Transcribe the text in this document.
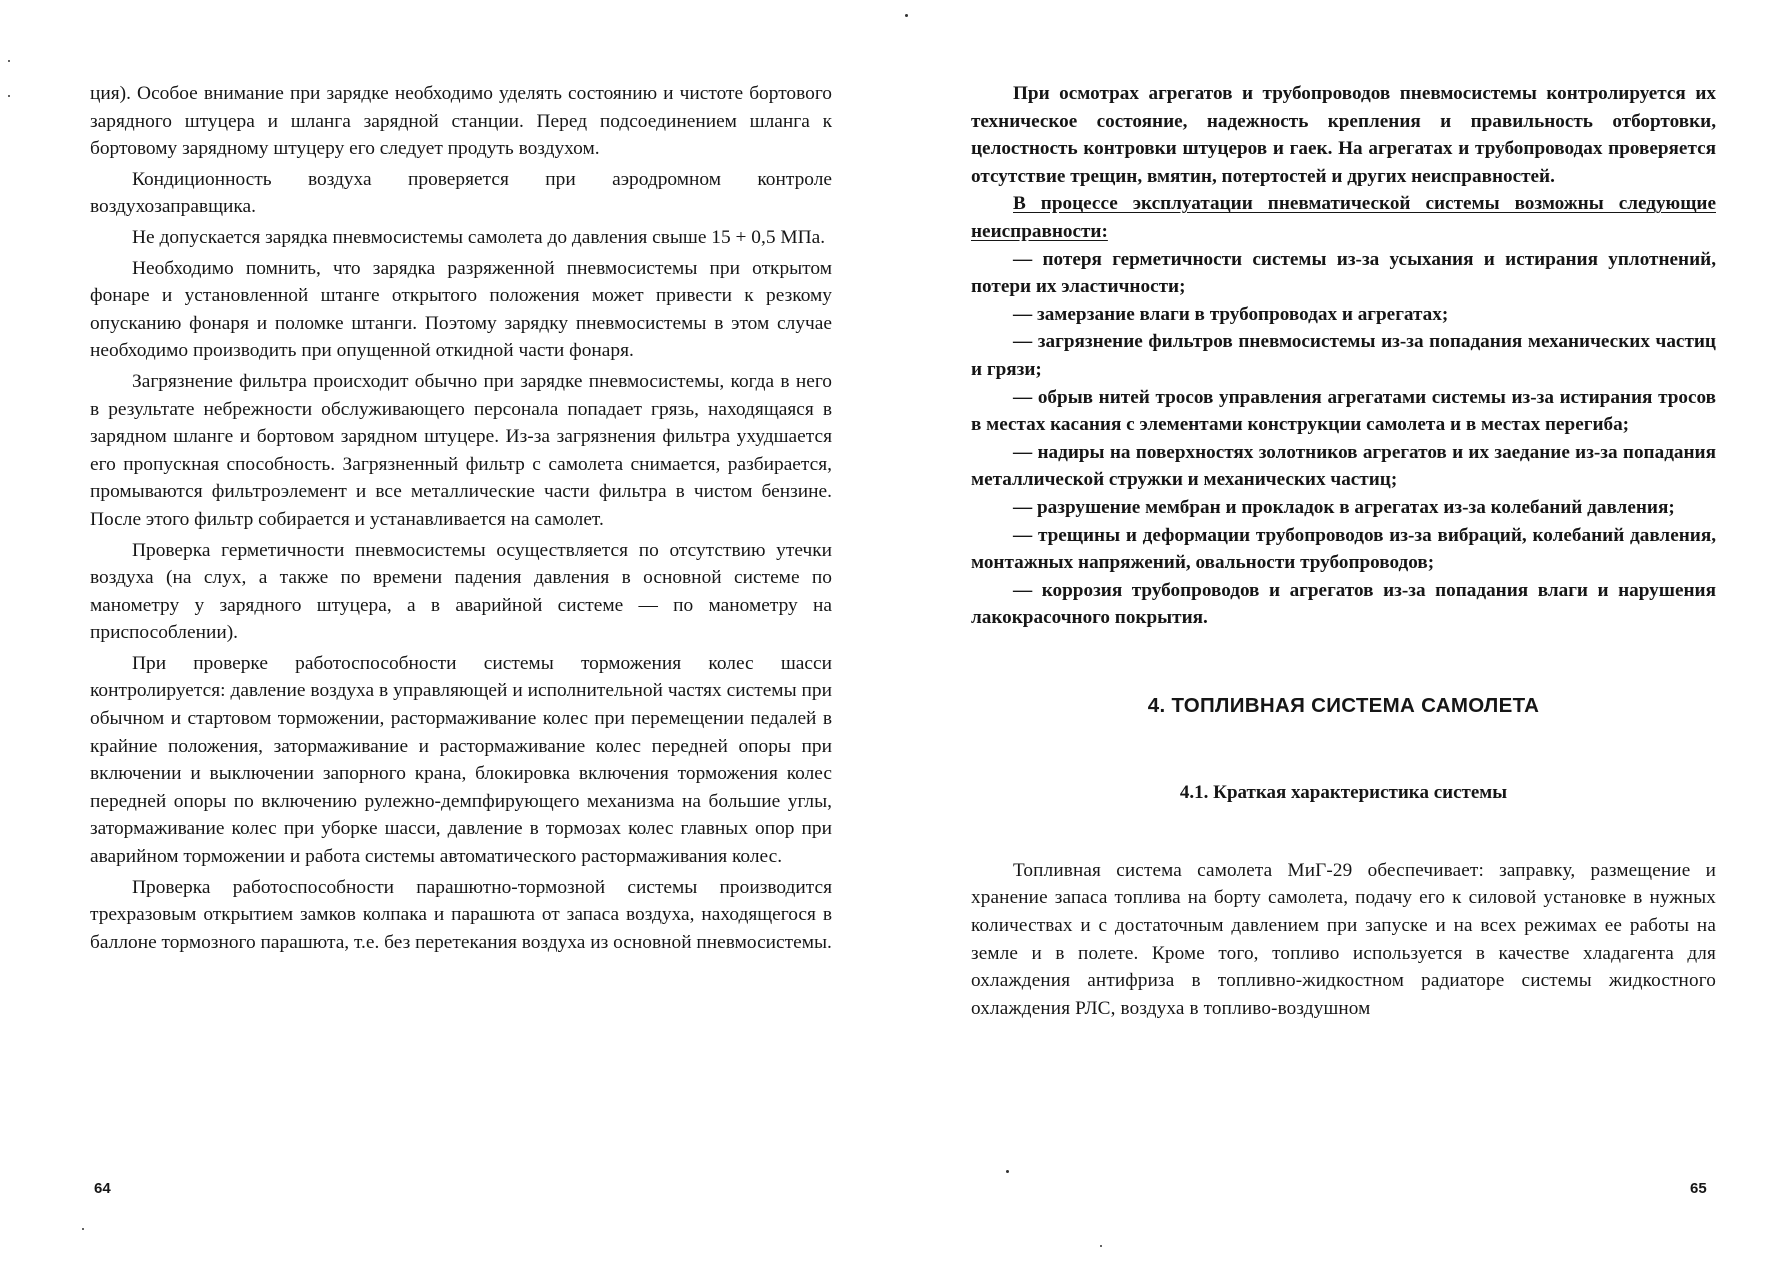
ция). Особое внимание при зарядке необходимо уделять состоянию и чистоте бортового зарядного штуцера и шланга зарядной станции. Перед подсоединением шланга к бортовому зарядному штуцеру его следует продуть воздухом.

Кондиционность воздуха проверяется при аэродромном контроле воздухозаправщика.

Не допускается зарядка пневмосистемы самолета до давления свыше 15 + 0,5 МПа.

Необходимо помнить, что зарядка разряженной пневмосистемы при открытом фонаре и установленной штанге открытого положения может привести к резкому опусканию фонаря и поломке штанги. Поэтому зарядку пневмосистемы в этом случае необходимо производить при опущенной откидной части фонаря.

Загрязнение фильтра происходит обычно при зарядке пневмосистемы, когда в него в результате небрежности обслуживающего персонала попадает грязь, находящаяся в зарядном шланге и бортовом зарядном штуцере. Из-за загрязнения фильтра ухудшается его пропускная способность. Загрязненный фильтр с самолета снимается, разбирается, промываются фильтроэлемент и все металлические части фильтра в чистом бензине. После этого фильтр собирается и устанавливается на самолет.

Проверка герметичности пневмосистемы осуществляется по отсутствию утечки воздуха (на слух, а также по времени падения давления в основной системе по манометру у зарядного штуцера, а в аварийной системе — по манометру на приспособлении).

При проверке работоспособности системы торможения колес шасси контролируется: давление воздуха в управляющей и исполнительной частях системы при обычном и стартовом торможении, растормаживание колес при перемещении педалей в крайние положения, затормаживание и растормаживание колес передней опоры при включении и выключении запорного крана, блокировка включения торможения колес передней опоры по включению рулежно-демпфирующего механизма на большие углы, затормаживание колес при уборке шасси, давление в тормозах колес главных опор при аварийном торможении и работа системы автоматического растормаживания колес.

Проверка работоспособности парашютно-тормозной системы производится трехразовым открытием замков колпака и парашюта от запаса воздуха, находящегося в баллоне тормозного парашюта, т.е. без перетекания воздуха из основной пневмосистемы.

64

При осмотрах агрегатов и трубопроводов пневмосистемы контролируется их техническое состояние, надежность крепления и правильность отбортовки, целостность контровки штуцеров и гаек. На агрегатах и трубопроводах проверяется отсутствие трещин, вмятин, потертостей и других неисправностей.

В процессе эксплуатации пневматической системы возможны следующие неисправности:

— потеря герметичности системы из-за усыхания и истирания уплотнений, потери их эластичности;

— замерзание влаги в трубопроводах и агрегатах;

— загрязнение фильтров пневмосистемы из-за попадания механических частиц и грязи;

— обрыв нитей тросов управления агрегатами системы из-за истирания тросов в местах касания с элементами конструкции самолета и в местах перегиба;

— надиры на поверхностях золотников агрегатов и их заедание из-за попадания металлической стружки и механических частиц;

— разрушение мембран и прокладок в агрегатах из-за колебаний давления;

— трещины и деформации трубопроводов из-за вибраций, колебаний давления, монтажных напряжений, овальности трубопроводов;

— коррозия трубопроводов и агрегатов из-за попадания влаги и нарушения лакокрасочного покрытия.

4. ТОПЛИВНАЯ СИСТЕМА САМОЛЕТА
4.1. Краткая характеристика системы

Топливная система самолета МиГ-29 обеспечивает: заправку, размещение и хранение запаса топлива на борту самолета, подачу его к силовой установке в нужных количествах и с достаточным давлением при запуске и на всех режимах ее работы на земле и в полете. Кроме того, топливо используется в качестве хладагента для охлаждения антифриза в топливно-жидкостном радиаторе системы жидкостного охлаждения РЛС, воздуха в топливо-воздушном

65
